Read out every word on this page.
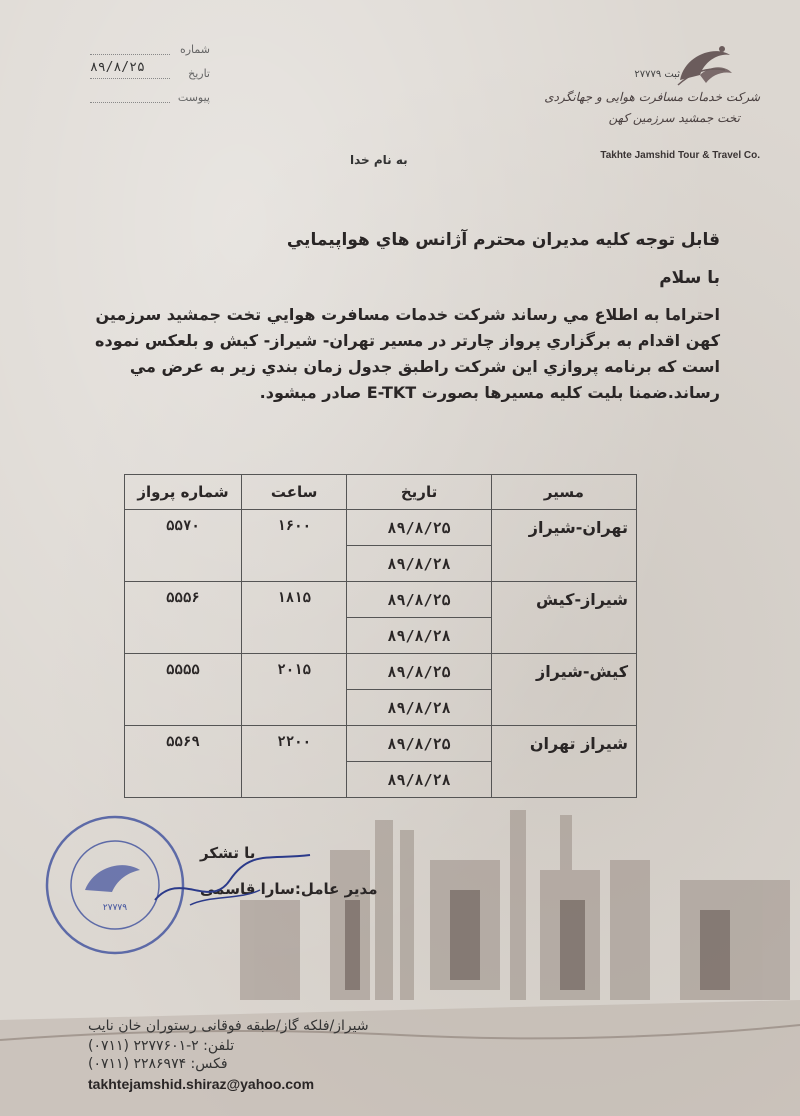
شماره
تاریخ
۸۹/۸/۲۵
پیوست
ثبت ۲۷۷۷۹
شرکت خدمات مسافرت هوایی و جهانگردی
تخت جمشید سرزمین کهن
Takhte Jamshid Tour & Travel Co.
به نام خدا
قابل توجه کلیه مدیران محترم آژانس هاي هواپيمايي
با سلام
احتراما به اطلاع مي رساند شركت خدمات مسافرت هوايي تخت جمشيد سرزمين كهن اقدام به برگزاري پرواز چارتر در مسير تهران- شيراز- كيش و بلعكس نموده است كه برنامه پروازي اين شركت راطبق جدول زمان بندي زير به عرض مي رساند.ضمنا بليت كليه مسيرها بصورت E-TKT صادر ميشود.
مسير	تاريخ	ساعت	شماره پرواز
تهران-شيراز	۸۹/۸/۲۵	۱۶۰۰	۵۵۷۰
	۸۹/۸/۲۸		
شيراز-كيش	۸۹/۸/۲۵	۱۸۱۵	۵۵۵۶
	۸۹/۸/۲۸		
كيش-شيراز	۸۹/۸/۲۵	۲۰۱۵	۵۵۵۵
	۸۹/۸/۲۸		
شيراز تهران	۸۹/۸/۲۵	۲۲۰۰	۵۵۶۹
	۸۹/۸/۲۸		
۲۷۷۷۹
با تشكر
مدير عامل:سارا قاسمی
شیراز/فلکه گاز/طبقه فوقانی رستوران خان نایب
تلفن: ۲-۲۲۷۷۶۰۱ (۰۷۱۱)
فکس: ۲۲۸۶۹۷۴ (۰۷۱۱)
takhtejamshid.shiraz@yahoo.com
